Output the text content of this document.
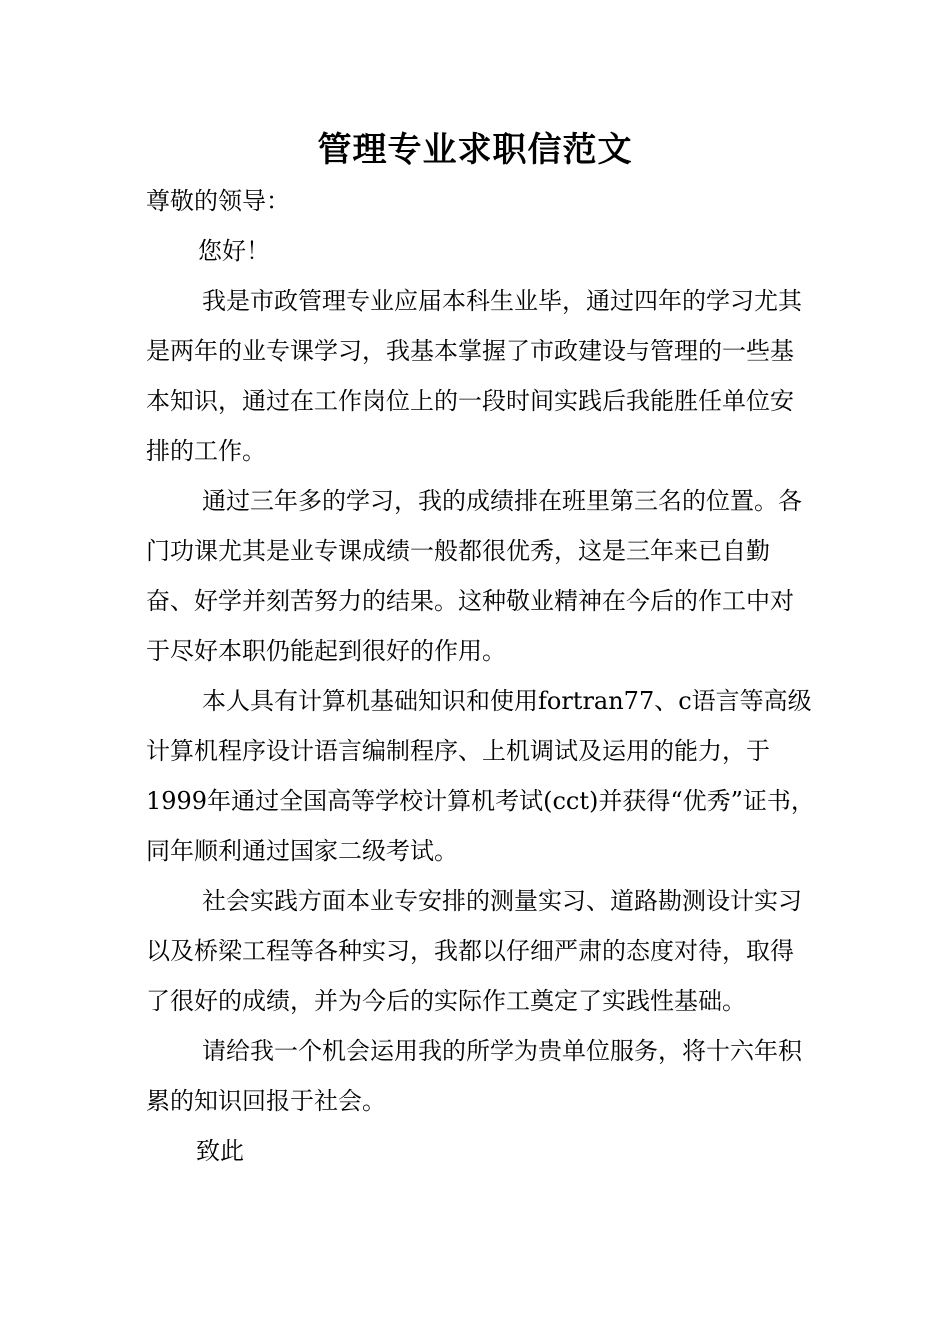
管理专业求职信范文

尊敬的领导：

您好！

我是市政管理专业应届本科生业毕，通过四年的学习尤其是两年的业专课学习，我基本掌握了市政建设与管理的一些基本知识，通过在工作岗位上的一段时间实践后我能胜任单位安排的工作。

通过三年多的学习，我的成绩排在班里第三名的位置。各门功课尤其是业专课成绩一般都很优秀，这是三年来已自勤奋、好学并刻苦努力的结果。这种敬业精神在今后的作工中对于尽好本职仍能起到很好的作用。

本人具有计算机基础知识和使用fortran77、c语言等高级计算机程序设计语言编制程序、上机调试及运用的能力，于1999年通过全国高等学校计算机考试(cct)并获得“优秀”证书，同年顺利通过国家二级考试。

社会实践方面本业专安排的测量实习、道路勘测设计实习以及桥梁工程等各种实习，我都以仔细严肃的态度对待，取得了很好的成绩，并为今后的实际作工奠定了实践性基础。

请给我一个机会运用我的所学为贵单位服务，将十六年积累的知识回报于社会。

致此
